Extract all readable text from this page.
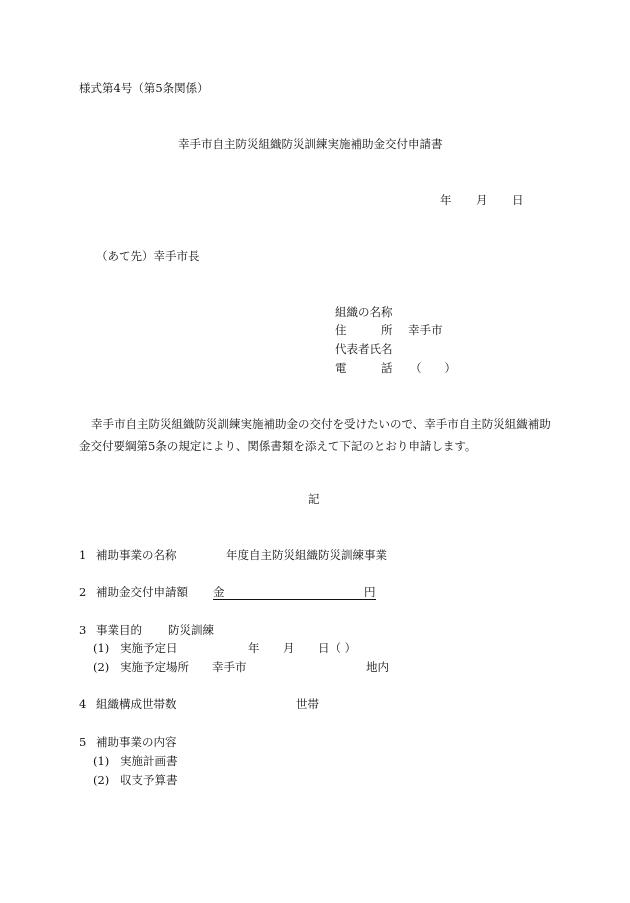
様式第4号（第5条関係）
幸手市自主防災組織防災訓練実施補助金交付申請書
年 月 日
（あて先）幸手市長
組織の名称
住　　　所 幸手市
代表者氏名
電　　　話 （　　）
幸手市自主防災組織防災訓練実施補助金の交付を受けたいので、幸手市自主防災組織補助金交付要綱第5条の規定により、関係書類を添えて下記のとおり申請します。
記
1 補助事業の名称	年度自主防災組織防災訓練事業
2 補助金交付申請額 金	円
3 事業目的 防災訓練
(1) 実施予定日	年 月 日（ ）
(2) 実施予定場所 幸手市	地内
4 組織構成世帯数	世帯
5 補助事業の内容
(1) 実施計画書
(2) 収支予算書
